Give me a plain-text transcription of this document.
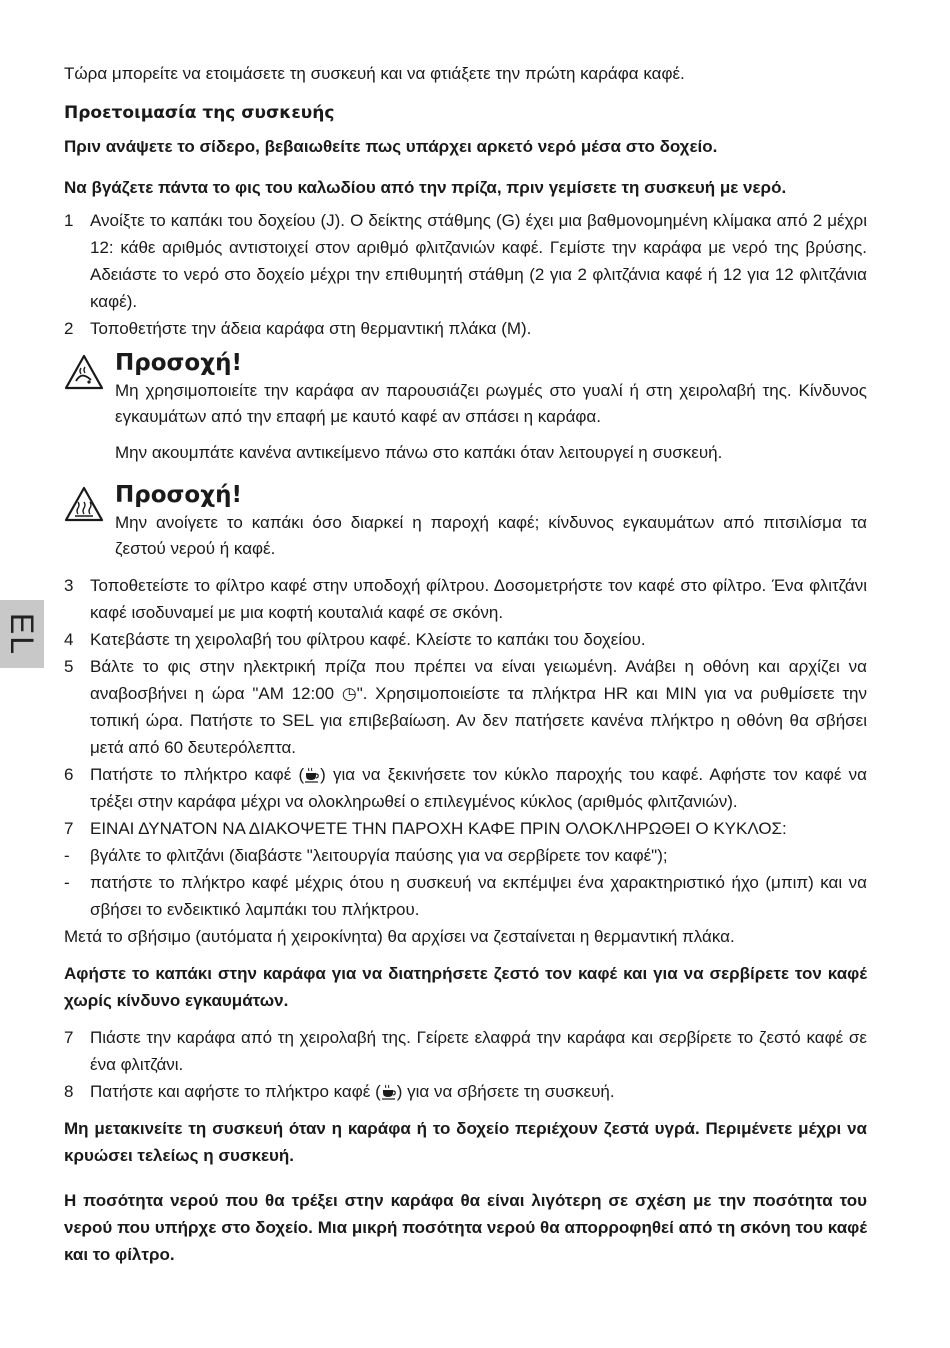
EL

Τώρα μπορείτε να ετοιμάσετε τη συσκευή και να φτιάξετε την πρώτη καράφα καφέ.

Προετοιμασία της συσκευής

Πριν ανάψετε το σίδερο, βεβαιωθείτε πως υπάρχει αρκετό νερό μέσα στο δοχείο.

Να βγάζετε πάντα το φις του καλωδίου από την πρίζα, πριν γεμίσετε τη συσκευή με νερό.

1 Ανοίξτε το καπάκι του δοχείου (J). Ο δείκτης στάθμης (G) έχει μια βαθμονομημένη κλίμακα από 2 μέχρι 12: κάθε αριθμός αντιστοιχεί στον αριθμό φλιτζανιών καφέ. Γεμίστε την καράφα με νερό της βρύσης. Αδειάστε το νερό στο δοχείο μέχρι την επιθυμητή στάθμη (2 για 2 φλιτζάνια καφέ ή 12 για 12 φλιτζάνια καφέ).
2 Τοποθετήστε την άδεια καράφα στη θερμαντική πλάκα (M).
Προσοχή!

Μη χρησιμοποιείτε την καράφα αν παρουσιάζει ρωγμές στο γυαλί ή στη χειρολαβή της. Κίνδυνος εγκαυμάτων από την επαφή με καυτό καφέ αν σπάσει η καράφα.

Μην ακουμπάτε κανένα αντικείμενο πάνω στο καπάκι όταν λειτουργεί η συσκευή.

Προσοχή!

Μην ανοίγετε το καπάκι όσο διαρκεί η παροχή καφέ; κίνδυνος εγκαυμάτων από πιτσιλίσμα τα ζεστού νερού ή καφέ.

3 Τοποθετείστε το φίλτρο καφέ στην υποδοχή φίλτρου. Δοσομετρήστε τον καφέ στο φίλτρο. Ένα φλιτζάνι καφέ ισοδυναμεί με μια κοφτή κουταλιά καφέ σε σκόνη.
4 Κατεβάστε τη χειρολαβή του φίλτρου καφέ. Κλείστε το καπάκι του δοχείου.
5 Βάλτε το φις στην ηλεκτρική πρίζα που πρέπει να είναι γειωμένη. Ανάβει η οθόνη και αρχίζει να αναβοσβήνει η ώρα "AM 12:00 ◷". Χρησιμοποιείστε τα πλήκτρα HR και MIN για να ρυθμίσετε την τοπική ώρα. Πατήστε το SEL για επιβεβαίωση. Αν δεν πατήσετε κανένα πλήκτρο η οθόνη θα σβήσει μετά από 60 δευτερόλεπτα.
6 Πατήστε το πλήκτρο καφέ ( ) για να ξεκινήσετε τον κύκλο παροχής του καφέ. Αφήστε τον καφέ να τρέξει στην καράφα μέχρι να ολοκληρωθεί ο επιλεγμένος κύκλος (αριθμός φλιτζανιών).
7 ΕΙΝΑΙ ΔΥΝΑΤΟΝ ΝΑ ΔΙΑΚΟΨΕΤΕ ΤΗΝ ΠΑΡΟΧΗ ΚΑΦΕ ΠΡΙΝ ΟΛΟΚΛΗΡΩΘΕΙ Ο ΚΥΚΛΟΣ:
-	βγάλτε το φλιτζάνι (διαβάστε "λειτουργία παύσης για να σερβίρετε τον καφέ");
-	πατήστε το πλήκτρο καφέ μέχρις ότου η συσκευή να εκπέμψει ένα χαρακτηριστικό ήχο (μπιπ) και να σβήσει το ενδεικτικό λαμπάκι του πλήκτρου.

Μετά το σβήσιμο (αυτόματα ή χειροκίνητα) θα αρχίσει να ζεσταίνεται η θερμαντική πλάκα.

Αφήστε το καπάκι στην καράφα για να διατηρήσετε ζεστό τον καφέ και για να σερβίρετε τον καφέ χωρίς κίνδυνο εγκαυμάτων.

7 Πιάστε την καράφα από τη χειρολαβή της. Γείρετε ελαφρά την καράφα και σερβίρετε το ζεστό καφέ σε ένα φλιτζάνι.
8 Πατήστε και αφήστε το πλήκτρο καφέ ( ) για να σβήσετε τη συσκευή.

Μη μετακινείτε τη συσκευή όταν η καράφα ή το δοχείο περιέχουν ζεστά υγρά. Περιμένετε μέχρι να κρυώσει τελείως η συσκευή.

Η ποσότητα νερού που θα τρέξει στην καράφα θα είναι λιγότερη σε σχέση με την ποσότητα του νερού που υπήρχε στο δοχείο. Μια μικρή ποσότητα νερού θα απορροφηθεί από τη σκόνη του καφέ και το φίλτρο.
